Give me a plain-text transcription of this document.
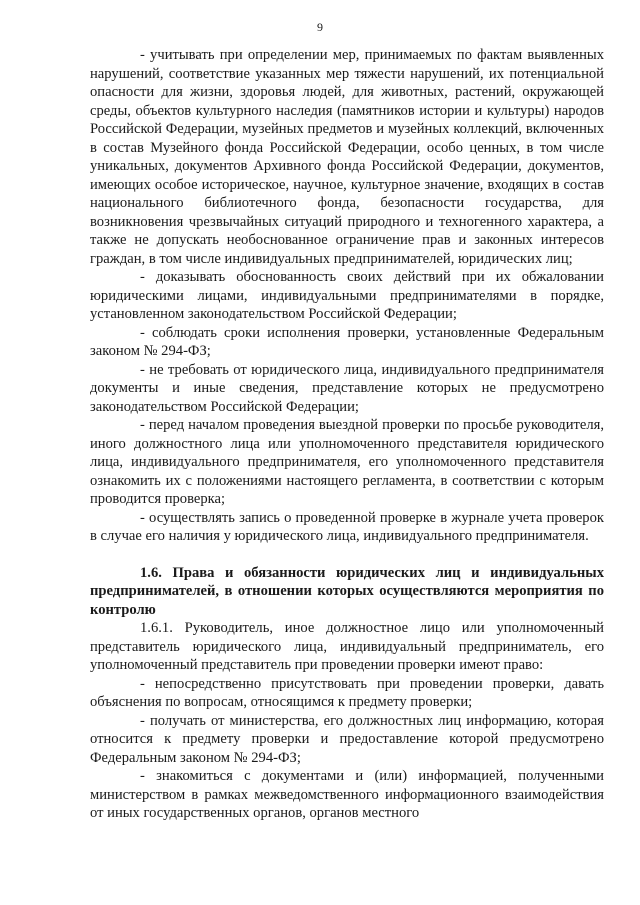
9

- учитывать при определении мер, принимаемых по фактам выявленных нарушений, соответствие указанных мер тяжести нарушений, их потенциальной опасности для жизни, здоровья людей, для животных, растений, окружающей среды, объектов культурного наследия (памятников истории и культуры) народов Российской Федерации, музейных предметов и музейных коллекций, включенных в состав Музейного фонда Российской Федерации, особо ценных, в том числе уникальных, документов Архивного фонда Российской Федерации, документов, имеющих особое историческое, научное, культурное значение, входящих в состав национального библиотечного фонда, безопасности государства, для возникновения чрезвычайных ситуаций природного и техногенного характера, а также не допускать необоснованное ограничение прав и законных интересов граждан, в том числе индивидуальных предпринимателей, юридических лиц;

- доказывать обоснованность своих действий при их обжаловании юридическими лицами, индивидуальными предпринимателями в порядке, установленном законодательством Российской Федерации;

- соблюдать сроки исполнения проверки, установленные Федеральным законом № 294-ФЗ;

- не требовать от юридического лица, индивидуального предпринимателя документы и иные сведения, представление которых не предусмотрено законодательством Российской Федерации;

- перед началом проведения выездной проверки по просьбе руководителя, иного должностного лица или уполномоченного представителя юридического лица, индивидуального предпринимателя, его уполномоченного представителя ознакомить их с положениями настоящего регламента, в соответствии с которым проводится проверка;

- осуществлять запись о проведенной проверке в журнале учета проверок в случае его наличия у юридического лица, индивидуального предпринимателя.

1.6. Права и обязанности юридических лиц и индивидуальных предпринимателей, в отношении которых осуществляются мероприятия по контролю

1.6.1. Руководитель, иное должностное лицо или уполномоченный представитель юридического лица, индивидуальный предприниматель, его уполномоченный представитель при проведении проверки имеют право:

- непосредственно присутствовать при проведении проверки, давать объяснения по вопросам, относящимся к предмету проверки;

- получать от министерства, его должностных лиц информацию, которая относится к предмету проверки и предоставление которой предусмотрено Федеральным законом № 294-ФЗ;

- знакомиться с документами и (или) информацией, полученными министерством в рамках межведомственного информационного взаимодействия от иных государственных органов, органов местного
